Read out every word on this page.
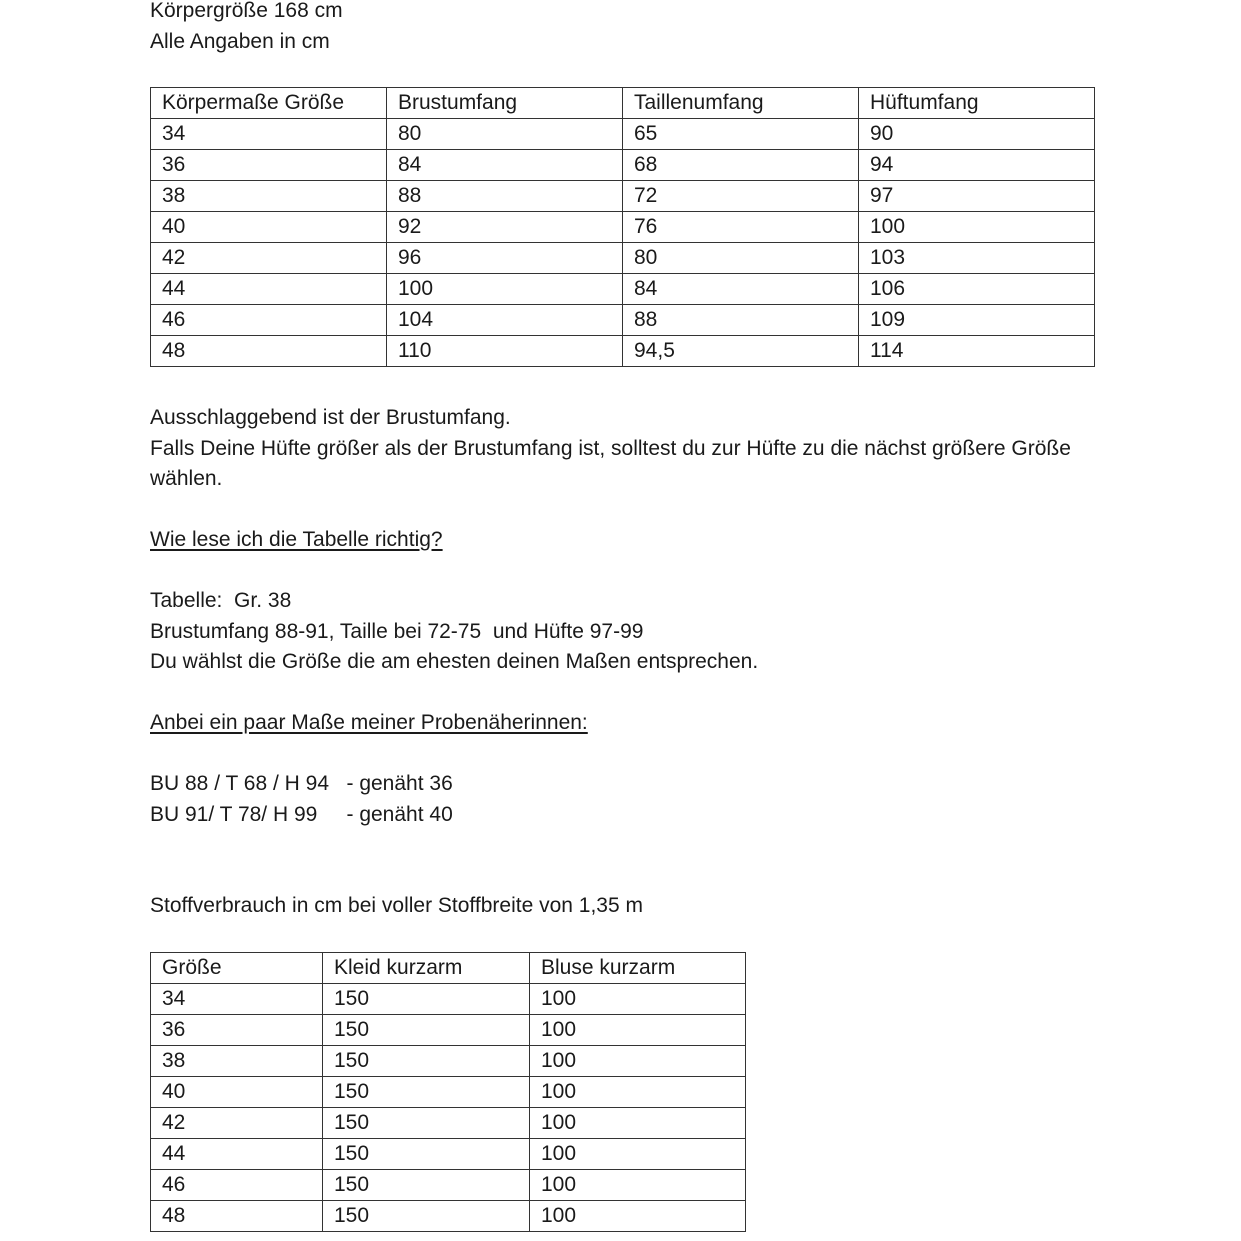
Körpergröße 168 cm

Alle Angaben in cm

Körpermaße Größe	Brustumfang	Taillenumfang	Hüftumfang
34	80	65	90
36	84	68	94
38	88	72	97
40	92	76	100
42	96	80	103
44	100	84	106
46	104	88	109
48	110	94,5	114

Ausschlaggebend ist der Brustumfang.

Falls Deine Hüfte größer als der Brustumfang ist, solltest du zur Hüfte zu die nächst größere Größe wählen.

Wie lese ich die Tabelle richtig?

Tabelle:  Gr. 38

Brustumfang 88-91, Taille bei 72-75  und Hüfte 97-99

Du wählst die Größe die am ehesten deinen Maßen entsprechen.

Anbei ein paar Maße meiner Probenäherinnen:

BU 88 / T 68 / H 94   - genäht 36

BU 91/ T 78/ H 99     - genäht 40

Stoffverbrauch in cm bei voller Stoffbreite von 1,35 m

Größe	Kleid kurzarm	Bluse kurzarm
34	150	100
36	150	100
38	150	100
40	150	100
42	150	100
44	150	100
46	150	100
48	150	100
